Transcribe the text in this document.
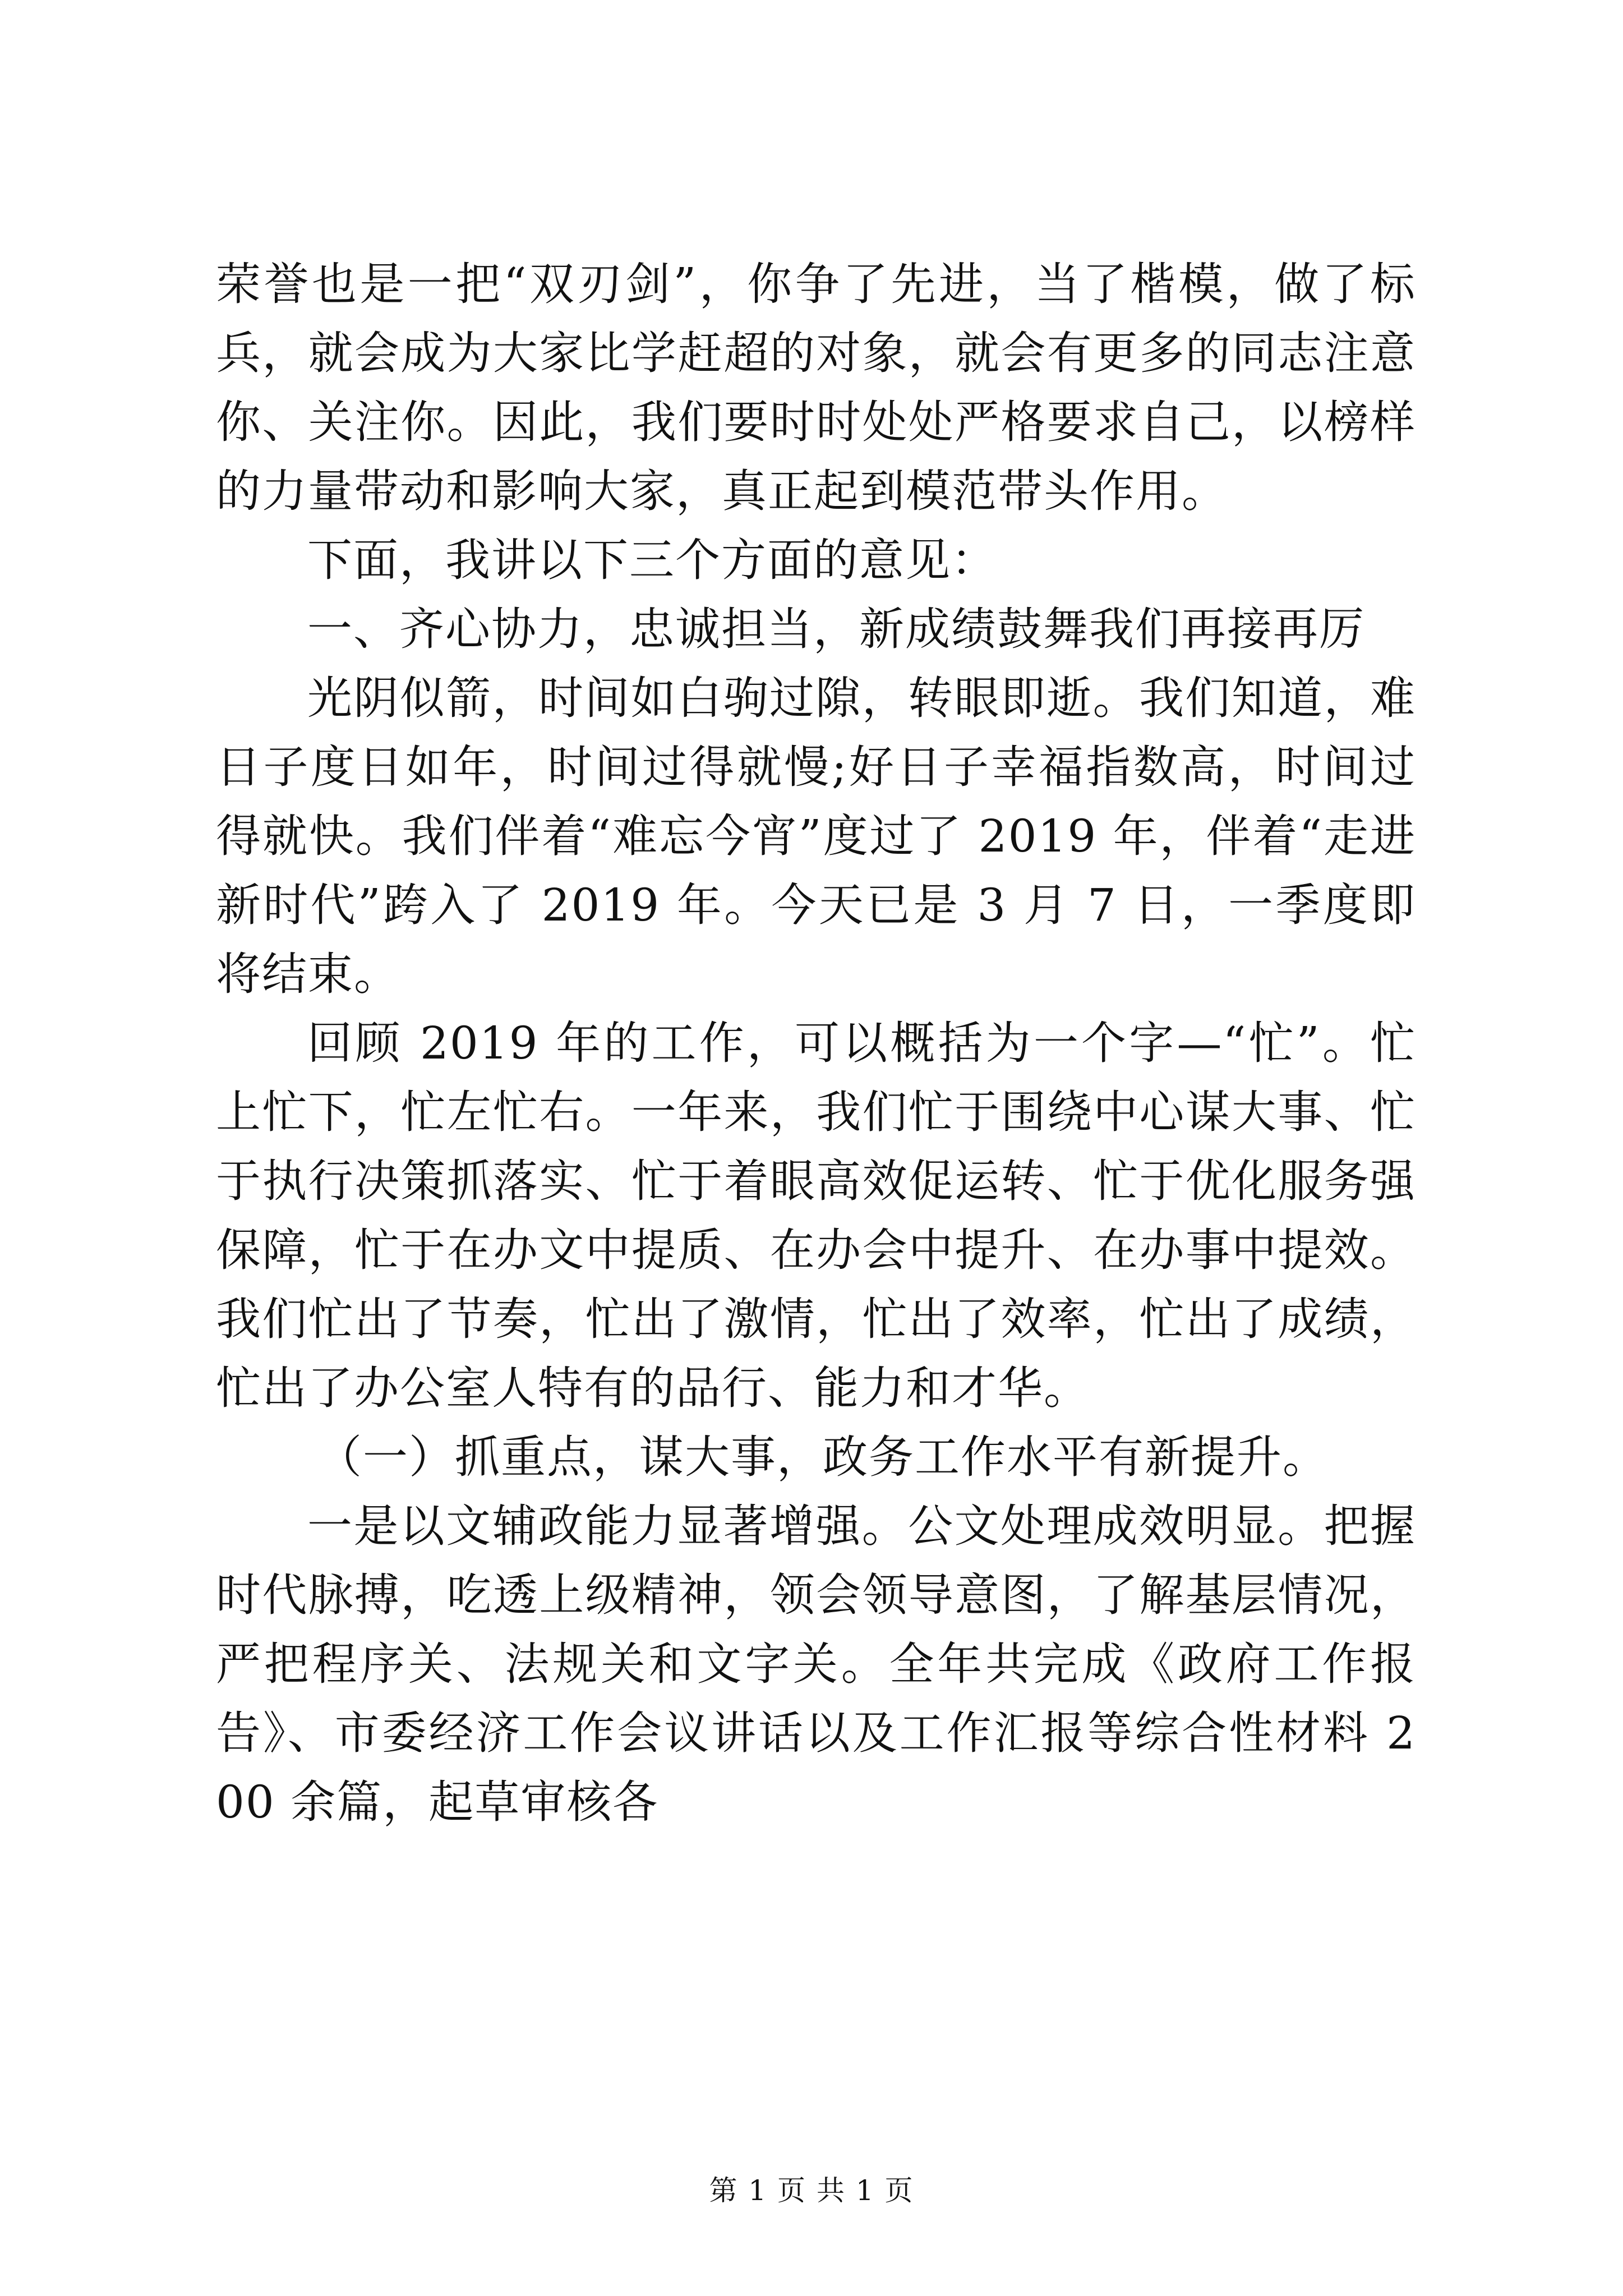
荣誉也是一把“双刃剑”，你争了先进，当了楷模，做了标兵，就会成为大家比学赶超的对象，就会有更多的同志注意你、关注你。因此，我们要时时处处严格要求自己，以榜样的力量带动和影响大家，真正起到模范带头作用。

下面，我讲以下三个方面的意见：

一、齐心协力，忠诚担当，新成绩鼓舞我们再接再厉

光阴似箭，时间如白驹过隙，转眼即逝。我们知道，难日子度日如年，时间过得就慢;好日子幸福指数高，时间过得就快。我们伴着“难忘今宵”度过了 2019 年，伴着“走进新时代”跨入了 2019 年。今天已是 3 月 7 日，一季度即将结束。

回顾 2019 年的工作，可以概括为一个字—“忙”。忙上忙下，忙左忙右。一年来，我们忙于围绕中心谋大事、忙于执行决策抓落实、忙于着眼高效促运转、忙于优化服务强保障，忙于在办文中提质、在办会中提升、在办事中提效。我们忙出了节奏，忙出了激情，忙出了效率，忙出了成绩，忙出了办公室人特有的品行、能力和才华。

（一）抓重点，谋大事，政务工作水平有新提升。

一是以文辅政能力显著增强。公文处理成效明显。把握时代脉搏，吃透上级精神，领会领导意图，了解基层情况，严把程序关、法规关和文字关。全年共完成《政府工作报告》、市委经济工作会议讲话以及工作汇报等综合性材料 200 余篇，起草审核各

第 1 页 共 1 页
